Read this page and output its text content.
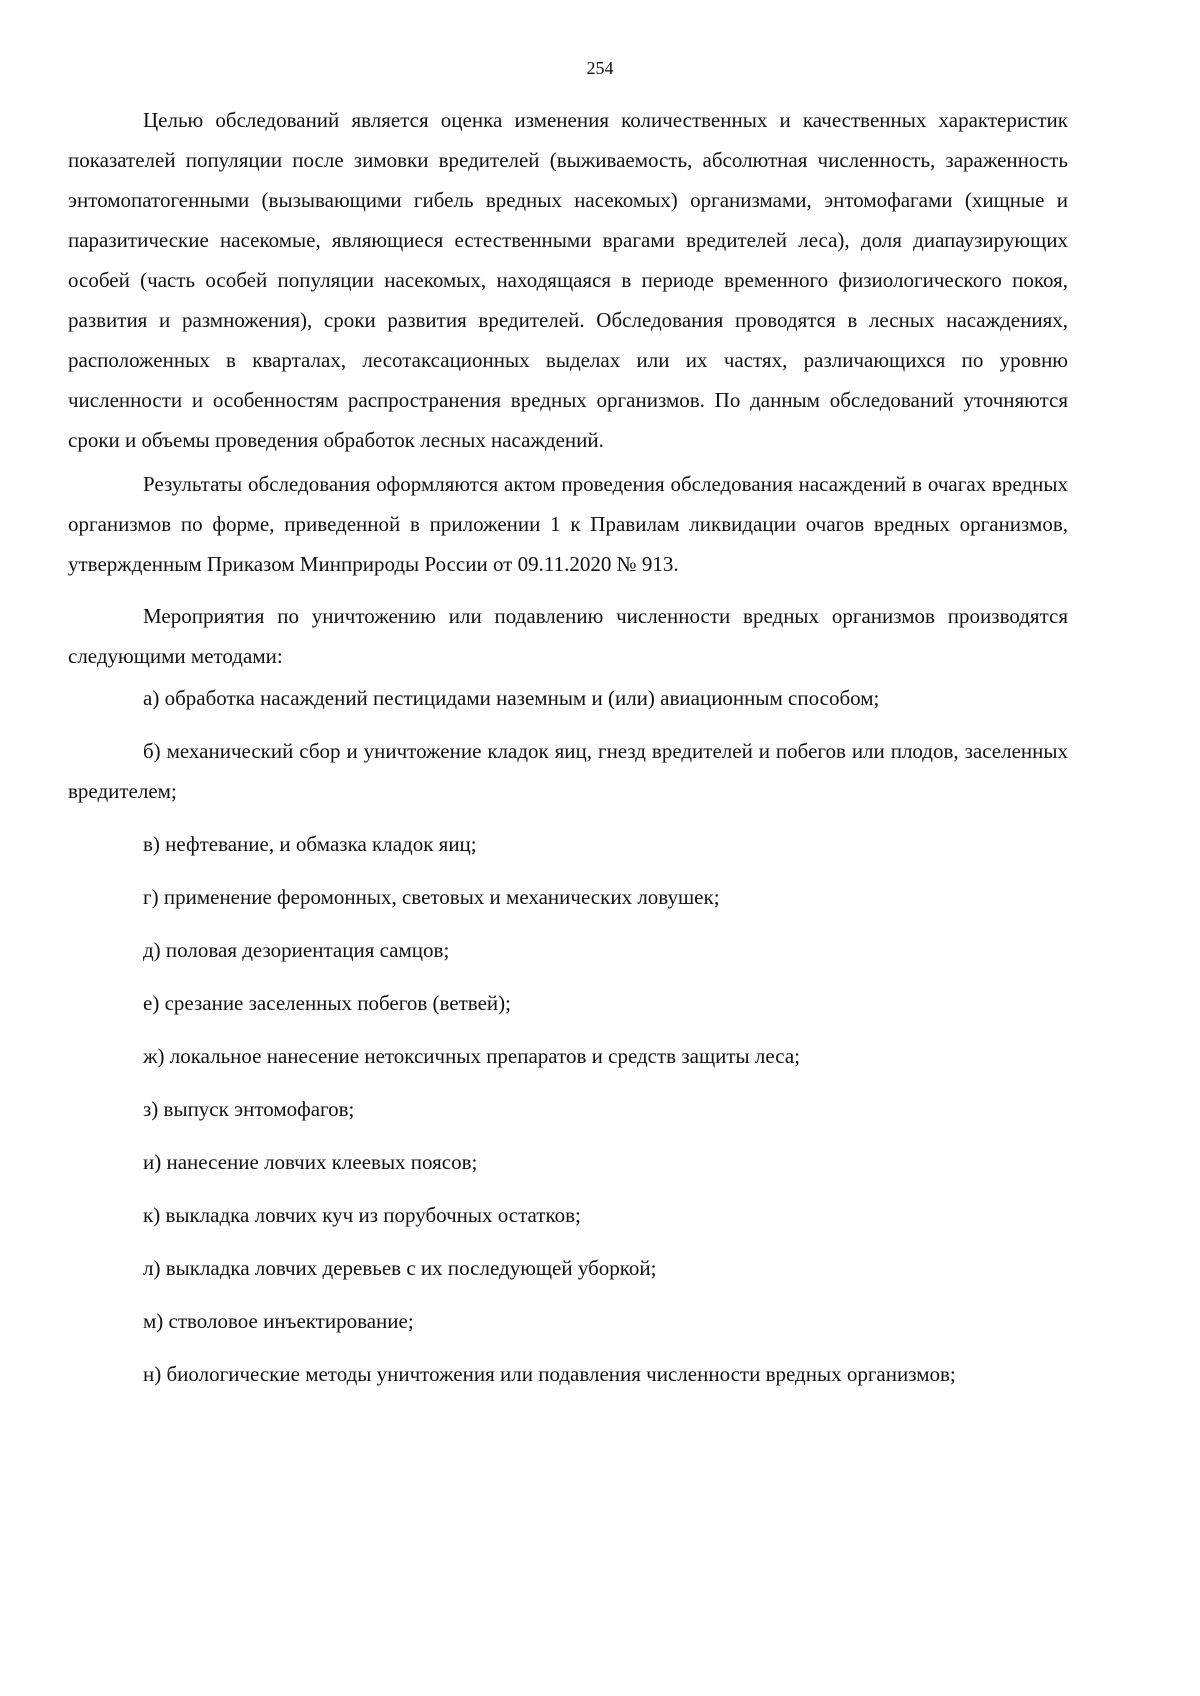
254

Целью обследований является оценка изменения количественных и качественных характеристик показателей популяции после зимовки вредителей (выживаемость, абсолютная численность, зараженность энтомопатогенными (вызывающими гибель вредных насекомых) организмами, энтомофагами (хищные и паразитические насекомые, являющиеся естественными врагами вредителей леса), доля диапаузирующих особей (часть особей популяции насекомых, находящаяся в периоде временного физиологического покоя, развития и размножения), сроки развития вредителей. Обследования проводятся в лесных насаждениях, расположенных в кварталах, лесотаксационных выделах или их частях, различающихся по уровню численности и особенностям распространения вредных организмов. По данным обследований уточняются сроки и объемы проведения обработок лесных насаждений.

Результаты обследования оформляются актом проведения обследования насаждений в очагах вредных организмов по форме, приведенной в приложении 1 к Правилам ликвидации очагов вредных организмов, утвержденным Приказом Минприроды России от 09.11.2020 № 913.

Мероприятия по уничтожению или подавлению численности вредных организмов производятся следующими методами:

а) обработка насаждений пестицидами наземным и (или) авиационным способом;

б) механический сбор и уничтожение кладок яиц, гнезд вредителей и побегов или плодов, заселенных вредителем;

в) нефтевание, и обмазка кладок яиц;

г) применение феромонных, световых и механических ловушек;

д) половая дезориентация самцов;

е) срезание заселенных побегов (ветвей);

ж) локальное нанесение нетоксичных препаратов и средств защиты леса;

з) выпуск энтомофагов;

и) нанесение ловчих клеевых поясов;

к) выкладка ловчих куч из порубочных остатков;

л) выкладка ловчих деревьев с их последующей уборкой;

м) стволовое инъектирование;

н) биологические методы уничтожения или подавления численности вредных организмов;
